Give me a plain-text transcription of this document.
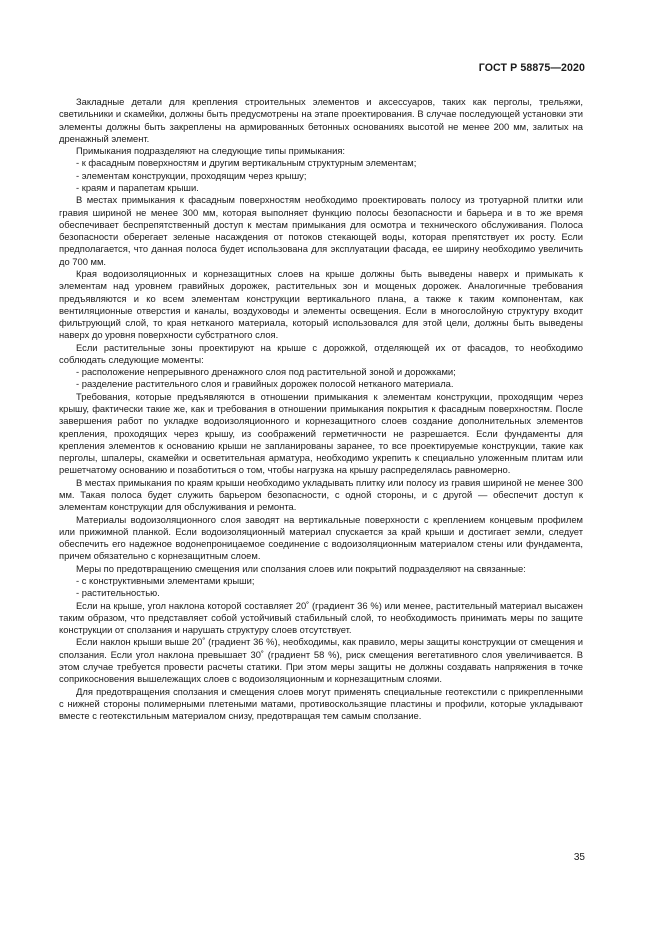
ГОСТ Р 58875—2020

Закладные детали для крепления строительных элементов и аксессуаров, таких как перголы, трельяжи, светильники и скамейки, должны быть предусмотрены на этапе проектирования. В случае последующей установки эти элементы должны быть закреплены на армированных бетонных основаниях высотой не менее 200 мм, залитых на дренажный элемент.

Примыкания подразделяют на следующие типы примыкания:

- к фасадным поверхностям и другим вертикальным структурным элементам;

- элементам конструкции, проходящим через крышу;

- краям и парапетам крыши.

В местах примыкания к фасадным поверхностям необходимо проектировать полосу из тротуарной плитки или гравия шириной не менее 300 мм, которая выполняет функцию полосы безопасности и барьера и в то же время обеспечивает беспрепятственный доступ к местам примыкания для осмотра и технического обслуживания. Полоса безопасности оберегает зеленые насаждения от потоков стекающей воды, которая препятствует их росту. Если предполагается, что данная полоса будет использована для эксплуатации фасада, ее ширину необходимо увеличить до 700 мм.

Края водоизоляционных и корнезащитных слоев на крыше должны быть выведены наверх и примыкать к элементам над уровнем гравийных дорожек, растительных зон и мощеных дорожек. Аналогичные требования предъявляются и ко всем элементам конструкции вертикального плана, а также к таким компонентам, как вентиляционные отверстия и каналы, воздуховоды и элементы освещения. Если в многослойную структуру входит фильтрующий слой, то края нетканого материала, который использовался для этой цели, должны быть выведены наверх до уровня поверхности субстратного слоя.

Если растительные зоны проектируют на крыше с дорожкой, отделяющей их от фасадов, то необходимо соблюдать следующие моменты:

- расположение непрерывного дренажного слоя под растительной зоной и дорожками;

- разделение растительного слоя и гравийных дорожек полосой нетканого материала.

Требования, которые предъявляются в отношении примыкания к элементам конструкции, проходящим через крышу, фактически такие же, как и требования в отношении примыкания покрытия к фасадным поверхностям. После завершения работ по укладке водоизоляционного и корнезащитного слоев создание дополнительных элементов крепления, проходящих через крышу, из соображений герметичности не разрешается. Если фундаменты для крепления элементов к основанию крыши не запланированы заранее, то все проектируемые конструкции, такие как перголы, шпалеры, скамейки и осветительная арматура, необходимо укрепить к специально уложенным плитам или решетчатому основанию и позаботиться о том, чтобы нагрузка на крышу распределялась равномерно.

В местах примыкания по краям крыши необходимо укладывать плитку или полосу из гравия шириной не менее 300 мм. Такая полоса будет служить барьером безопасности, с одной стороны, и с другой — обеспечит доступ к элементам конструкции для обслуживания и ремонта.

Материалы водоизоляционного слоя заводят на вертикальные поверхности с креплением концевым профилем или прижимной планкой. Если водоизоляционный материал спускается за край крыши и достигает земли, следует обеспечить его надежное водонепроницаемое соединение с водоизоляционным материалом стены или фундамента, причем обязательно с корнезащитным слоем.

Меры по предотвращению смещения или сползания слоев или покрытий подразделяют на связанные:

- с конструктивными элементами крыши;

- растительностью.

Если на крыше, угол наклона которой составляет 20˚ (градиент 36 %) или менее, растительный материал высажен таким образом, что представляет собой устойчивый стабильный слой, то необходимость принимать меры по защите конструкции от сползания и нарушать структуру слоев отсутствует.

Если наклон крыши выше 20˚ (градиент 36 %), необходимы, как правило, меры защиты конструкции от смещения и сползания. Если угол наклона превышает 30˚ (градиент 58 %), риск смещения вегетативного слоя увеличивается. В этом случае требуется провести расчеты статики. При этом меры защиты не должны создавать напряжения в точке соприкосновения вышележащих слоев с водоизоляционным и корнезащитным слоями.

Для предотвращения сползания и смещения слоев могут применять специальные геотекстили с прикрепленными с нижней стороны полимерными плетеными матами, противоскользящие пластины и профили, которые укладывают вместе с геотекстильным материалом снизу, предотвращая тем самым сползание.

35
